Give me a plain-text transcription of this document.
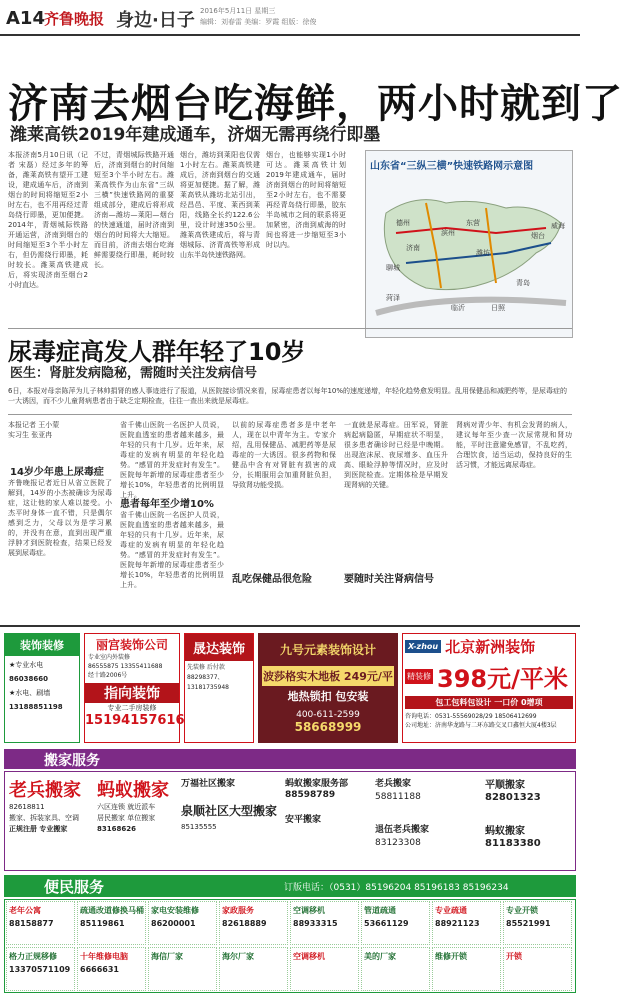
A14 齐鲁晚报 身边·日子 2016年5月11日 星期三
编辑：刘春雷 美编：罗霞 组版：徐俊
济南去烟台吃海鲜，两小时就到了
潍莱高铁2019年建成通车，济烟无需再绕行即墨
本报济南5月10日讯（记者 宋磊）经过多年的筹备，潍莱高铁有望开工建设，建成通车后，济南到烟台的时间将缩短至2小时左右，也不用再经过青岛绕行即墨，更加便捷。2014年，青烟城际铁路开通运营，济南到烟台的时间缩短至3个半小时左右，但仍需绕行即墨，耗时较长。潍莱高铁建成后，将实现济南至烟台2小时直达。
不过，青烟城际铁路开通后，济南到烟台的时间缩短至3个半小时左右。潍莱高铁作为山东省“三纵三横”快速铁路网的重要组成部分，建成后将形成济南—潍坊—莱阳—烟台的快速通道，届时济南到烟台的时间将大大缩短。而目前，济南去烟台吃海鲜需要绕行即墨，耗时较长。
烟台，潍坊到莱阳也仅需1小时左右。潍莱高铁建成后，济南到烟台的交通将更加便捷。据了解，潍莱高铁从潍坊北站引出，经昌邑、平度、莱西到莱阳，线路全长约122.6公里，设计时速350公里。潍莱高铁建成后，将与青烟城际、济青高铁等形成山东半岛快速铁路网。
烟台，也能够实现1小时可达。潍莱高铁计划2019年建成通车，届时济南到烟台的时间将缩短至2小时左右，也不需要再经青岛绕行即墨，胶东半岛城市之间的联系将更加紧密，济南到威海的时间也将进一步缩短至3小时以内。
山东省“三纵三横”快速铁路网示意图
济南
潍坊
青岛
烟台
威海
日照
临沂
菏泽
德州	东营
滨州
聊城
尿毒症高发人群年轻了10岁
医生：肾脏发病隐秘，需随时关注发病信号
6日，本报对母亲陈萍为儿子林帅捐肾的感人事迹进行了报道，从医院接诊情况来看，尿毒症患者以每年10%的速度递增，年轻化趋势愈发明显。乱用保健品和减肥药等，是尿毒症的一大诱因，而不少儿童肾病患者由于缺乏定期检查，往往一查出来就是尿毒症。
本报记者 王小蒙
实习生 张亚冉
14岁少年患上尿毒症
齐鲁晚报记者近日从省立医院了解到，14岁的小杰被确诊为尿毒症，这让他的家人难以接受。小杰平时身体一直不错，只是偶尔感到乏力，父母以为是学习累的，并没有在意，直到出现严重浮肿才到医院检查，结果已经发展到尿毒症。
省千佛山医院一名医护人员说，医院血透室的患者越来越多，最年轻的只有十几岁。近年来，尿毒症的发病有明显的年轻化趋势。“感冒的并发症时有发生”。医院每年新增的尿毒症患者至少增长10%，年轻患者的比例明显上升。
患者每年至少增10%
省千佛山医院一名医护人员说，医院血透室的患者越来越多，最年轻的只有十几岁。近年来，尿毒症的发病有明显的年轻化趋势。“感冒的并发症时有发生”。医院每年新增的尿毒症患者至少增长10%，年轻患者的比例明显上升。
以前的尿毒症患者多是中老年人，现在以中青年为主。专家介绍，乱用保健品、减肥药等是尿毒症的一大诱因。很多药物和保健品中含有对肾脏有损害的成分，长期服用会加重肾脏负担，导致肾功能受损。
乱吃保健品很危险
一直就是尿毒症。田军说，肾脏病起病隐匿，早期症状不明显，很多患者确诊时已经是中晚期。出现泡沫尿、夜尿增多、血压升高、眼睑浮肿等情况时，应及时到医院检查。定期体检是早期发现肾病的关键。
要随时关注肾病信号
肾病对青少年、有机会发肾的病人，建议每年至少查一次尿常规和肾功能，平时注意避免感冒，不乱吃药，合理饮食，适当运动，保持良好的生活习惯，才能远离尿毒症。
装饰装修
★专业水电
86038660
★水电、刷墙
13188851198
丽宫装饰公司
专业室内外装修
86555875 13355411688
经十路2006号
指向装饰
专业二手房装修
15194157616
晟达装饰
先装修 后付款
88298377、13181735948
九号元素装饰设计
波莎格实木地板 249元/平
地热锁扣 包安装
400-611-2599
58668999
X-zhou 北京新洲装饰
精装修 398元/平米
包工包料包设计 一口价 0增项
咨询电话：0531-55569028/29 18506412699
公司地址：济南华龙路与二环东路交叉口鑫恒大厦4楼3层
搬家服务
老兵搬家
82618811
搬家、拆装家具、空调
正规注册 专业搬家
蚂蚁搬家
六区连锁 就近派车
居民搬家 单位搬家
83168626
万福社区搬家
泉顺社区大型搬家
85135555
蚂蚁搬家服务部
88598789
安平搬家
老兵搬家
58811188
退伍老兵搬家
83123308
平顺搬家
82801323
蚂蚁搬家
81183380
便民服务	订版电话：（0531）85196204 85196183 85196234
老年公寓
88158877
疏通改道修换马桶
85119861
家电安装维修
86200001
家政服务
82618889
空调移机
88933315
管道疏通
53661129
专业疏通
88921123
专业开锁
85521991
格力正规移修
13370571109
十年维修电脑
6666631
海信厂家	海尔厂家	空调移机	美的厂家	维修开锁	开锁
